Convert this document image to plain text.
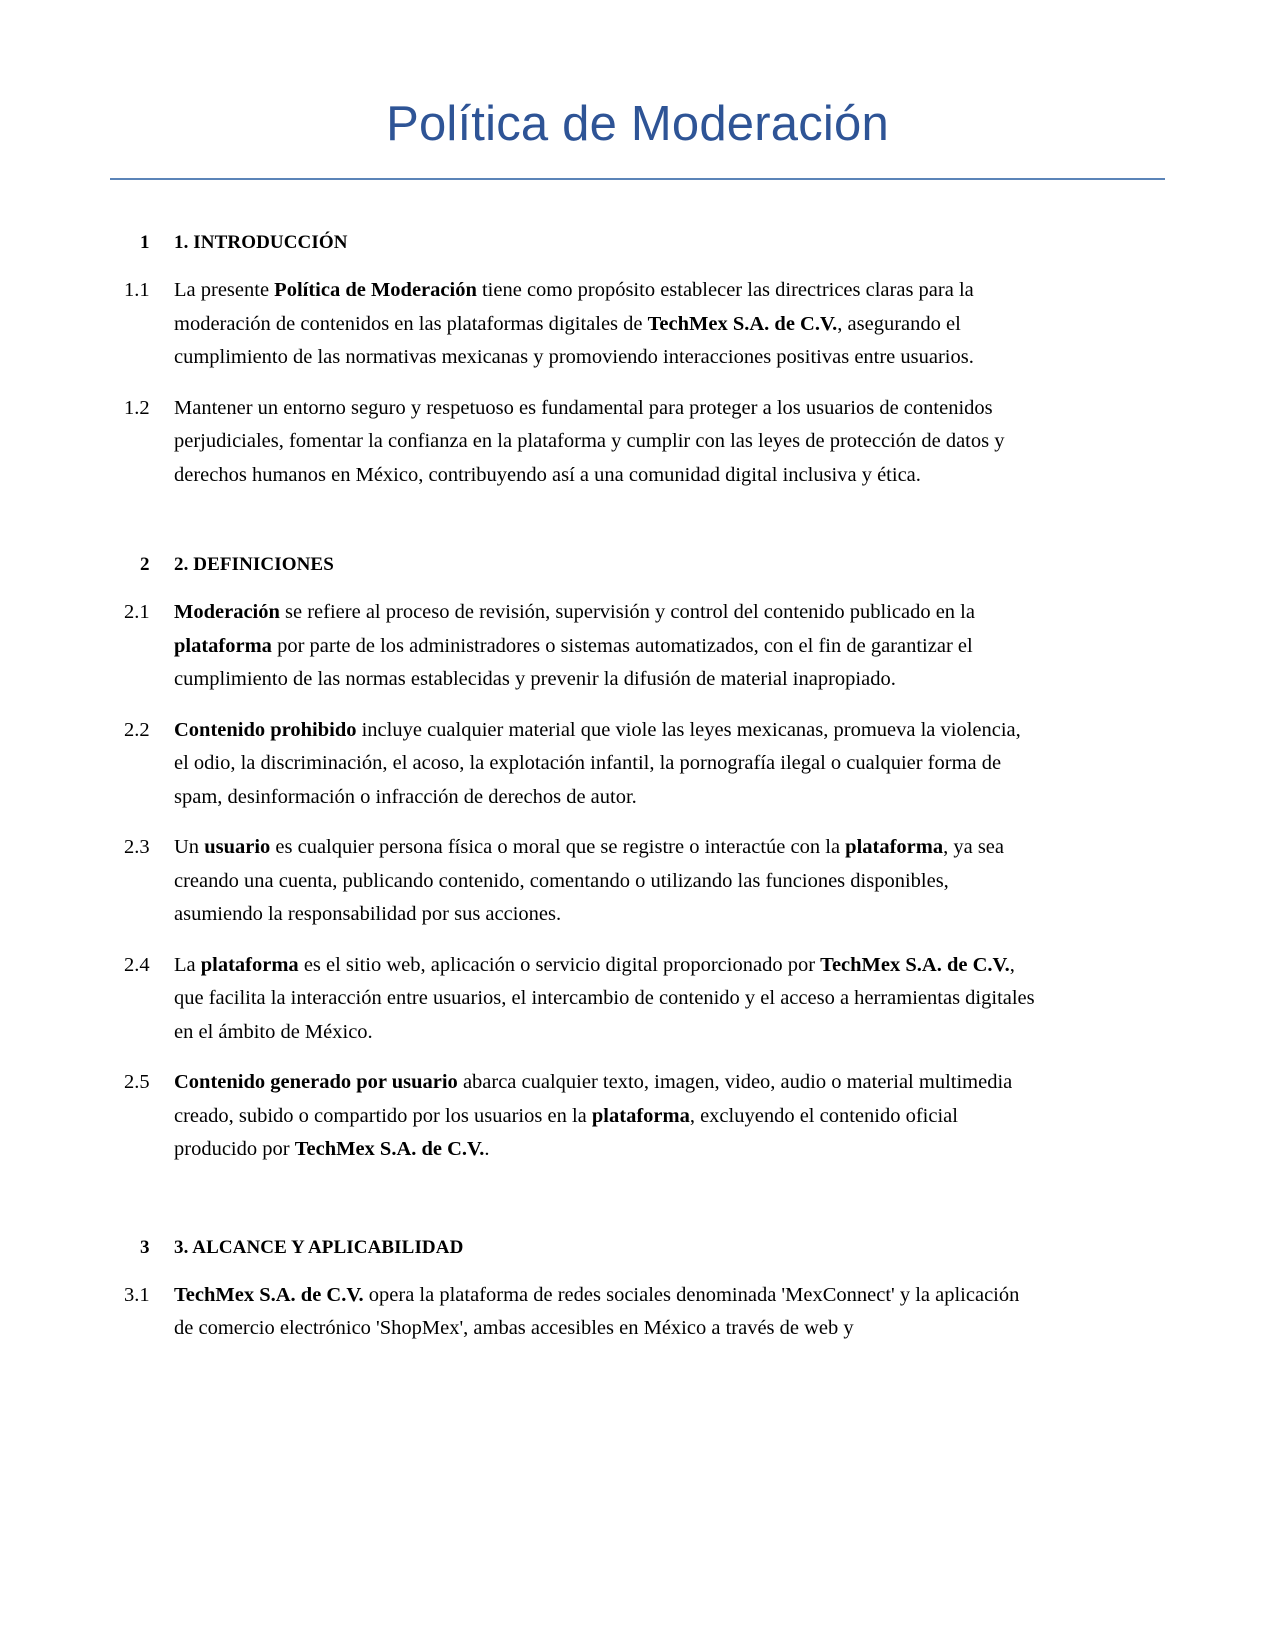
Política de Moderación
1	1. INTRODUCCIÓN
1.1	La presente Política de Moderación tiene como propósito establecer las directrices claras para la moderación de contenidos en las plataformas digitales de TechMex S.A. de C.V., asegurando el cumplimiento de las normativas mexicanas y promoviendo interacciones positivas entre usuarios.
1.2	Mantener un entorno seguro y respetuoso es fundamental para proteger a los usuarios de contenidos perjudiciales, fomentar la confianza en la plataforma y cumplir con las leyes de protección de datos y derechos humanos en México, contribuyendo así a una comunidad digital inclusiva y ética.
2	2. DEFINICIONES
2.1	Moderación se refiere al proceso de revisión, supervisión y control del contenido publicado en la plataforma por parte de los administradores o sistemas automatizados, con el fin de garantizar el cumplimiento de las normas establecidas y prevenir la difusión de material inapropiado.
2.2	Contenido prohibido incluye cualquier material que viole las leyes mexicanas, promueva la violencia, el odio, la discriminación, el acoso, la explotación infantil, la pornografía ilegal o cualquier forma de spam, desinformación o infracción de derechos de autor.
2.3	Un usuario es cualquier persona física o moral que se registre o interactúe con la plataforma, ya sea creando una cuenta, publicando contenido, comentando o utilizando las funciones disponibles, asumiendo la responsabilidad por sus acciones.
2.4	La plataforma es el sitio web, aplicación o servicio digital proporcionado por TechMex S.A. de C.V., que facilita la interacción entre usuarios, el intercambio de contenido y el acceso a herramientas digitales en el ámbito de México.
2.5	Contenido generado por usuario abarca cualquier texto, imagen, video, audio o material multimedia creado, subido o compartido por los usuarios en la plataforma, excluyendo el contenido oficial producido por TechMex S.A. de C.V..
3	3. ALCANCE Y APLICABILIDAD
3.1	TechMex S.A. de C.V. opera la plataforma de redes sociales denominada 'MexConnect' y la aplicación de comercio electrónico 'ShopMex', ambas accesibles en México a través de web y
